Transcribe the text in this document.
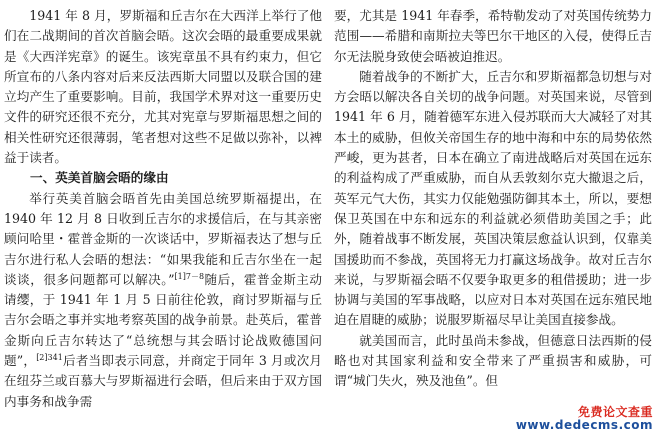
1941 年 8 月，罗斯福和丘吉尔在大西洋上举行了他们在二战期间的首次首脑会晤。这次会晤的最重要成果就是《大西洋宪章》的诞生。该宪章虽不具有约束力，但它所宣布的八条内容对后来反法西斯大同盟以及联合国的建立均产生了重要影响。目前，我国学术界对这一重要历史文件的研究还很不充分，尤其对宪章与罗斯福思想之间的相关性研究还很薄弱，笔者想对这些不足做以弥补，以裨益于读者。

一、英美首脑会晤的缘由

举行英美首脑会晤首先由美国总统罗斯福提出，在 1940 年 12 月 8 日收到丘吉尔的求援信后，在与其亲密顾问哈里・霍普金斯的一次谈话中，罗斯福表达了想与丘吉尔进行私人会晤的想法：“如果我能和丘吉尔坐在一起谈谈，很多问题都可以解决。”$^{[1]7-8}$随后，霍普金斯主动请缨，于 1941 年 1 月 5 日前往伦敦，商讨罗斯福与丘吉尔会晤之事并实地考察英国的战争前景。赴英后，霍普金斯向丘吉尔转达了“总统想与其会晤讨论战败德国问题”，$^{[2]341}$后者当即表示同意，并商定于同年 3 月或次月在纽芬兰或百慕大与罗斯福进行会晤，但后来由于双方国内事务和战争需

要，尤其是 1941 年春季，希特勒发动了对英国传统势力范围——希腊和南斯拉夫等巴尔干地区的入侵，使得丘吉尔无法脱身致使会晤被迫推迟。

随着战争的不断扩大，丘吉尔和罗斯福都急切想与对方会晤以解决各自关切的战争问题。对英国来说，尽管到 1941 年 6 月，随着德军东进入侵苏联而大大减轻了对其本土的威胁，但攸关帝国生存的地中海和中东的局势依然严峻，更为甚者，日本在确立了南进战略后对英国在远东的利益构成了严重威胁，而自从丢敦刻尔克大撤退之后，英军元气大伤，其实力仅能勉强防御其本土，所以，要想保卫英国在中东和远东的利益就必须借助美国之手；此外，随着战事不断发展，英国决策层愈益认识到，仅靠美国援助而不参战，英国将无力打赢这场战争。故对丘吉尔来说，与罗斯福会晤不仅要争取更多的租借援助；进一步协调与美国的军事战略，以应对日本对英国在远东殖民地迫在眉睫的威胁；说服罗斯福尽早让美国直接参战。

就美国而言，此时虽尚未参战，但德意日法西斯的侵略也对其国家利益和安全带来了严重损害和威胁，可谓“城门失火，殃及池鱼”。但

免费论文查重
www.dedecms.com
